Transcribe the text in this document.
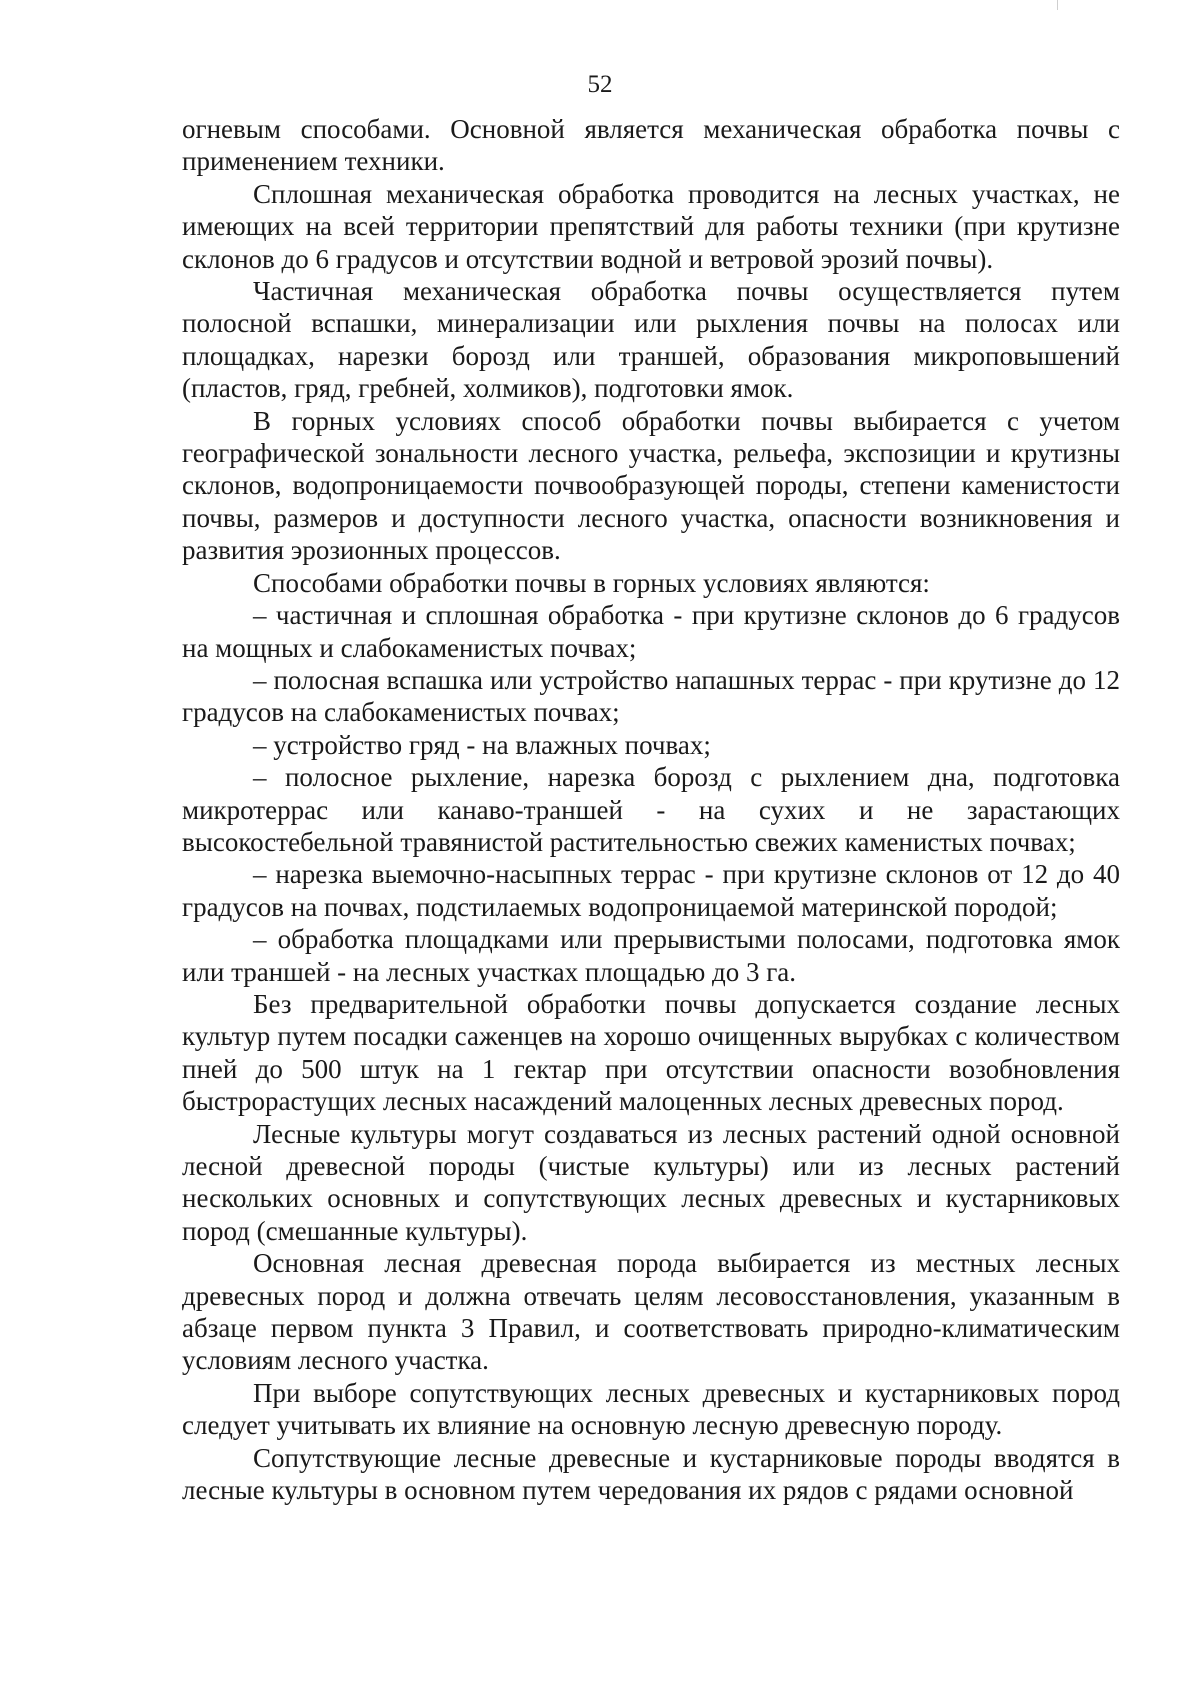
52

огневым способами. Основной является механическая обработка почвы с применением техники.

Сплошная механическая обработка проводится на лесных участках, не имеющих на всей территории препятствий для работы техники (при крутизне склонов до 6 градусов и отсутствии водной и ветровой эрозий почвы).

Частичная механическая обработка почвы осуществляется путем полосной вспашки, минерализации или рыхления почвы на полосах или площадках, нарезки борозд или траншей, образования микроповышений (пластов, гряд, гребней, холмиков), подготовки ямок.

В горных условиях способ обработки почвы выбирается с учетом географической зональности лесного участка, рельефа, экспозиции и крутизны склонов, водопроницаемости почвообразующей породы, степени каменистости почвы, размеров и доступности лесного участка, опасности возникновения и развития эрозионных процессов.

Способами обработки почвы в горных условиях являются:

– частичная и сплошная обработка - при крутизне склонов до 6 градусов на мощных и слабокаменистых почвах;

– полосная вспашка или устройство напашных террас - при крутизне до 12 градусов на слабокаменистых почвах;

– устройство гряд - на влажных почвах;

– полосное рыхление, нарезка борозд с рыхлением дна, подготовка микротеррас или канаво-траншей - на сухих и не зарастающих высокостебельной травянистой растительностью свежих каменистых почвах;

– нарезка выемочно-насыпных террас - при крутизне склонов от 12 до 40 градусов на почвах, подстилаемых водопроницаемой материнской породой;

– обработка площадками или прерывистыми полосами, подготовка ямок или траншей - на лесных участках площадью до 3 га.

Без предварительной обработки почвы допускается создание лесных культур путем посадки саженцев на хорошо очищенных вырубках с количеством пней до 500 штук на 1 гектар при отсутствии опасности возобновления быстрорастущих лесных насаждений малоценных лесных древесных пород.

Лесные культуры могут создаваться из лесных растений одной основной лесной древесной породы (чистые культуры) или из лесных растений нескольких основных и сопутствующих лесных древесных и кустарниковых пород (смешанные культуры).

Основная лесная древесная порода выбирается из местных лесных древесных пород и должна отвечать целям лесовосстановления, указанным в абзаце первом пункта 3 Правил, и соответствовать природно-климатическим условиям лесного участка.

При выборе сопутствующих лесных древесных и кустарниковых пород следует учитывать их влияние на основную лесную древесную породу.

Сопутствующие лесные древесные и кустарниковые породы вводятся в лесные культуры в основном путем чередования их рядов с рядами основной
